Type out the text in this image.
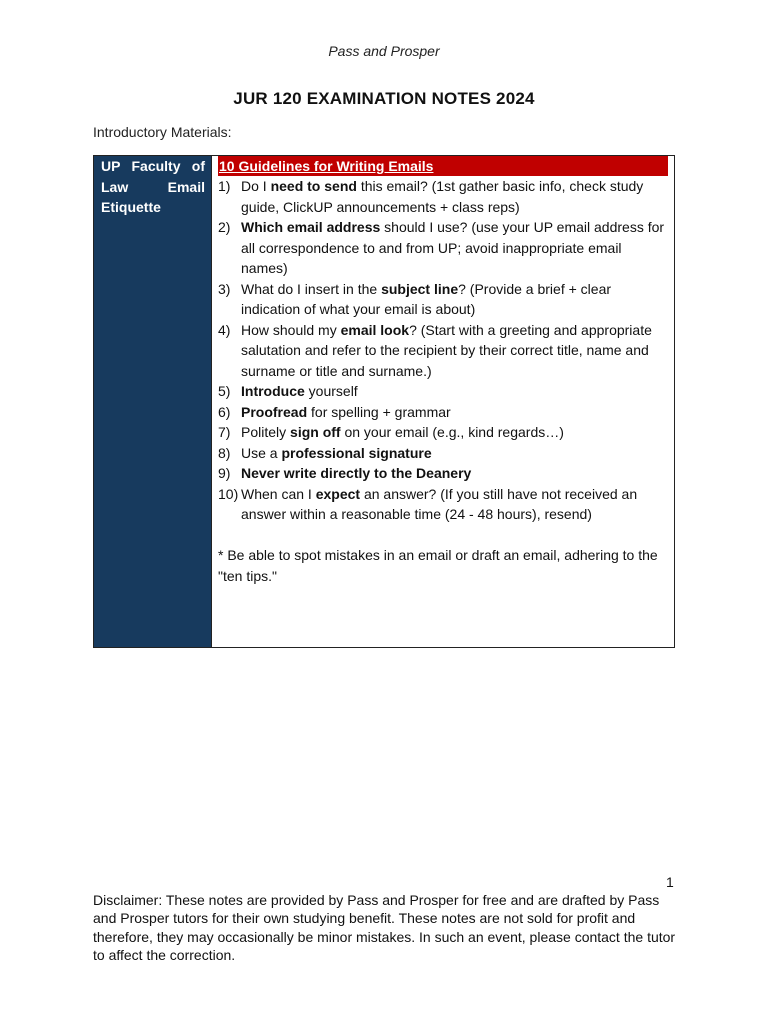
Pass and Prosper
JUR 120 EXAMINATION NOTES 2024
Introductory Materials:
UP Faculty of Law Email Etiquette
10 Guidelines for Writing Emails
1) Do I need to send this email? (1st gather basic info, check study guide, ClickUP announcements + class reps)
2) Which email address should I use? (use your UP email address for all correspondence to and from UP; avoid inappropriate email names)
3) What do I insert in the subject line? (Provide a brief + clear indication of what your email is about)
4) How should my email look? (Start with a greeting and appropriate salutation and refer to the recipient by their correct title, name and surname or title and surname.)
5) Introduce yourself
6) Proofread for spelling + grammar
7) Politely sign off on your email (e.g., kind regards…)
8) Use a professional signature
9) Never write directly to the Deanery
10) When can I expect an answer? (If you still have not received an answer within a reasonable time (24 - 48 hours), resend)

* Be able to spot mistakes in an email or draft an email, adhering to the "ten tips."

1

Disclaimer: These notes are provided by Pass and Prosper for free and are drafted by Pass and Prosper tutors for their own studying benefit. These notes are not sold for profit and therefore, they may occasionally be minor mistakes. In such an event, please contact the tutor to affect the correction.
